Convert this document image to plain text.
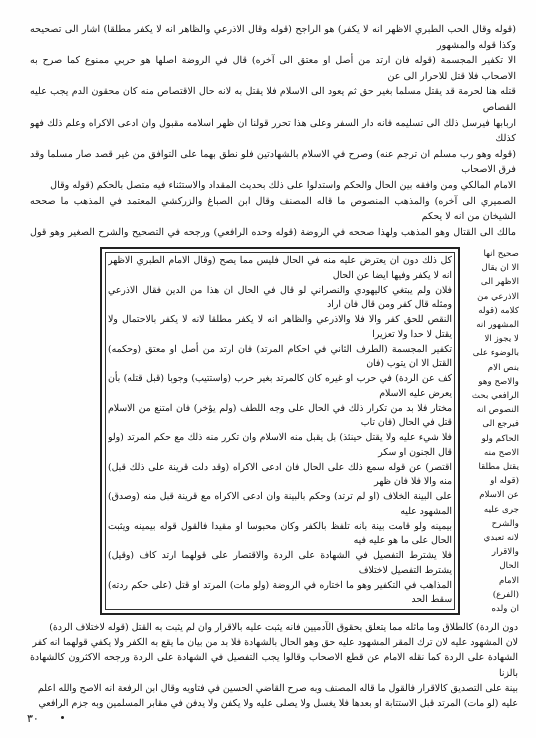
(قوله وقال الحب الطبري الاظهر انه لا يكفر) هو الراجح (قوله وقال الاذرعي والظاهر انه لا يكفر مطلقا) اشار الى تصحيحه وكذا قوله والمشهور

الا تكفير المجسمة (قوله فان ارتد من أصل او معتق الى آخره) قال في الروضة اصلها هو حربي ممنوع كما صرح به الاصحاب فلا قتل للاحرار الى عن

قتله هنا لحرمة قد يقتل مسلما بغير حق ثم يعود الى الاسلام فلا يقتل به لانه حال الاقتصاص منه كان محقون الدم يجب عليه القصاص

اربابها فيرسل ذلك الى تسليمه فانه دار السفر وعلى هذا تحرر قولنا ان ظهر اسلامه مقبول وان ادعى الاكراه وعلم ذلك فهو كذلك

(قوله وهو رب مسلم ان ترجم عنه) وصرح في الاسلام بالشهادتين فلو نطق بهما على التوافق من غير قصد صار مسلما وقد فرق الاصحاب

الامام المالكي ومن وافقه بين الحال والحكم واستدلوا على ذلك بحديث المقداد والاستثناء فيه متصل بالحكم (قوله وقال

الصميري الى آخره) والمذهب المنصوص ما قاله المصنف وقال ابن الصباغ والزركشي المعتمد في المذهب ما صححه الشيخان من انه لا يحكم

مالك الى القتال وهو المذهب ولهذا صححه في الروضة (قوله وحده الرافعي) ورجحه في التصحيح والشرح الصغير وهو قول

كل ذلك دون ان يعترض عليه منه في الحال فليس مما يصح (وقال الامام الطبري الاظهر انه لا يكفر وفيها ايضا عن الحال

فلان ولم يبتغي كاليهودي والنصراني لو قال في الحال ان هذا من الدين فقال الاذرعي ومثله قال كفر ومن قال فان اراد

النقص للحق كفر والا فلا والاذرعي والظاهر انه لا يكفر مطلقا لانه لا يكفر بالاحتمال ولا يقتل لا حدا ولا تعزيرا

تكفير المجسمة (الطرف الثاني في احكام المرتد) فان ارتد من أصل او معتق (وحكمه) القتل الا ان يتوب (فان

كف عن الردة) في حرب او غيره كان كالمرتد بغير حرب (واستتيب) وجوبا (قبل قتله) بأن يعرض عليه الاسلام

مختار فلا بد من تكرار ذلك في الحال على وجه اللطف (ولم يؤخر) فان امتنع من الاسلام قتل في الحال (فان تاب

فلا شيء عليه ولا يقتل حينئذ) بل يقبل منه الاسلام وان تكرر منه ذلك مع حكم المرتد (ولو قال الجنون او سكر

اقتصر) عن قوله سمع ذلك على الحال فان ادعى الاكراه (وقد دلت قرينة على ذلك قبل) منه والا فلا فان ظهر

على البينة الخلاف (او لم ترتد) وحكم بالبينة وان ادعى الاكراه مع قرينة قبل منه (وصدق) المشهود عليه

بيمينه ولو قامت بينة بانه تلفظ بالكفر وكان محبوسا او مقيدا فالقول قوله بيمينه ويثبت الحال على ما هو عليه فيه

فلا يشترط التفصيل في الشهادة على الردة والاقتصار على قولهما ارتد كاف (وقيل) يشترط التفصيل لاختلاف

المذاهب في التكفير وهو ما اختاره في الروضة (ولو مات) المرتد او قتل (على حكم ردته) سقط الحد

صحيح انها

الا ان يقال

الاظهر الى

الاذرعي من

كلامه (قوله

المشهور انه

لا يجوز الا

بالوضوء على

بنص الام

والاصح وهو

الرافعي بحث

النصوص انه

فيرجع الى

الحاكم ولو

الاصح منه

يقتل مطلقا

(قوله او

عن الاسلام

جرى عليه

والشرح

لانه تعبدي

والاقرار

الحال

الامام

(الفرع)

ان ولده

دون الردة) كالطلاق وما ماثله مما يتعلق بحقوق الآدميين فانه يثبت عليه بالاقرار وان لم يثبت به القتل (قوله لاختلاف الردة)

لان المشهود عليه لان ترك المقر المشهود عليه حق وهو الحال بالشهادة فلا بد من بيان ما يقع به الكفر ولا يكفي قولهما انه كفر

الشهادة على الردة كما نقله الامام عن قطع الاصحاب وقالوا يجب التفصيل في الشهادة على الردة ورجحه الاكثرون كالشهادة بالزنا

بينة على التصديق كالاقرار فالقول ما قاله المصنف وبه صرح القاضي الحسين في فتاويه وقال ابن الرفعة انه الاصح والله اعلم

عليه (لو مات) المرتد قبل الاستتابة او بعدها فلا يغسل ولا يصلى عليه ولا يكفن ولا يدفن في مقابر المسلمين وبه جزم الرافعي

٣٠
